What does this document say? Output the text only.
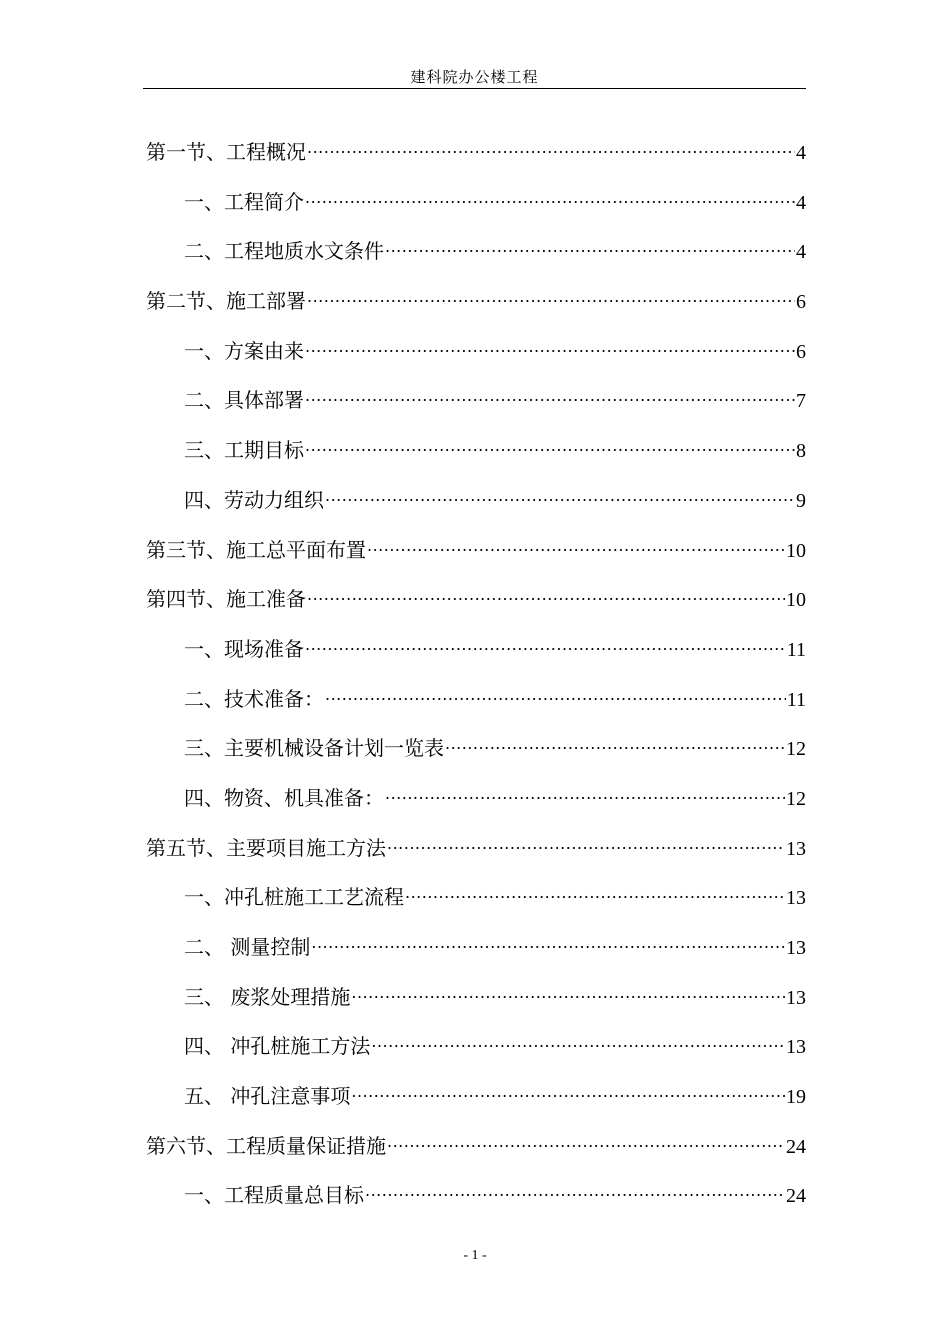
建科院办公楼工程
第一节、工程概况 .....	4
一、工程简介 .....	4
二、工程地质水文条件 .....	4
第二节、施工部署 .....	6
一、方案由来 .....	6
二、具体部署 .....	7
三、工期目标 .....	8
四、劳动力组织 .....	9
第三节、施工总平面布置 .....	10
第四节、施工准备 .....	10
一、现场准备 .....	11
二、技术准备： .....	11
三、主要机械设备计划一览表 .....	12
四、物资、机具准备： .....	12
第五节、主要项目施工方法 .....	13
一、冲孔桩施工工艺流程 .....	13
二、 测量控制 .....	13
三、 废浆处理措施 .....	13
四、 冲孔桩施工方法 .....	13
五、 冲孔注意事项 .....	19
第六节、工程质量保证措施 .....	24
一、工程质量总目标 .....	24
- 1 -
